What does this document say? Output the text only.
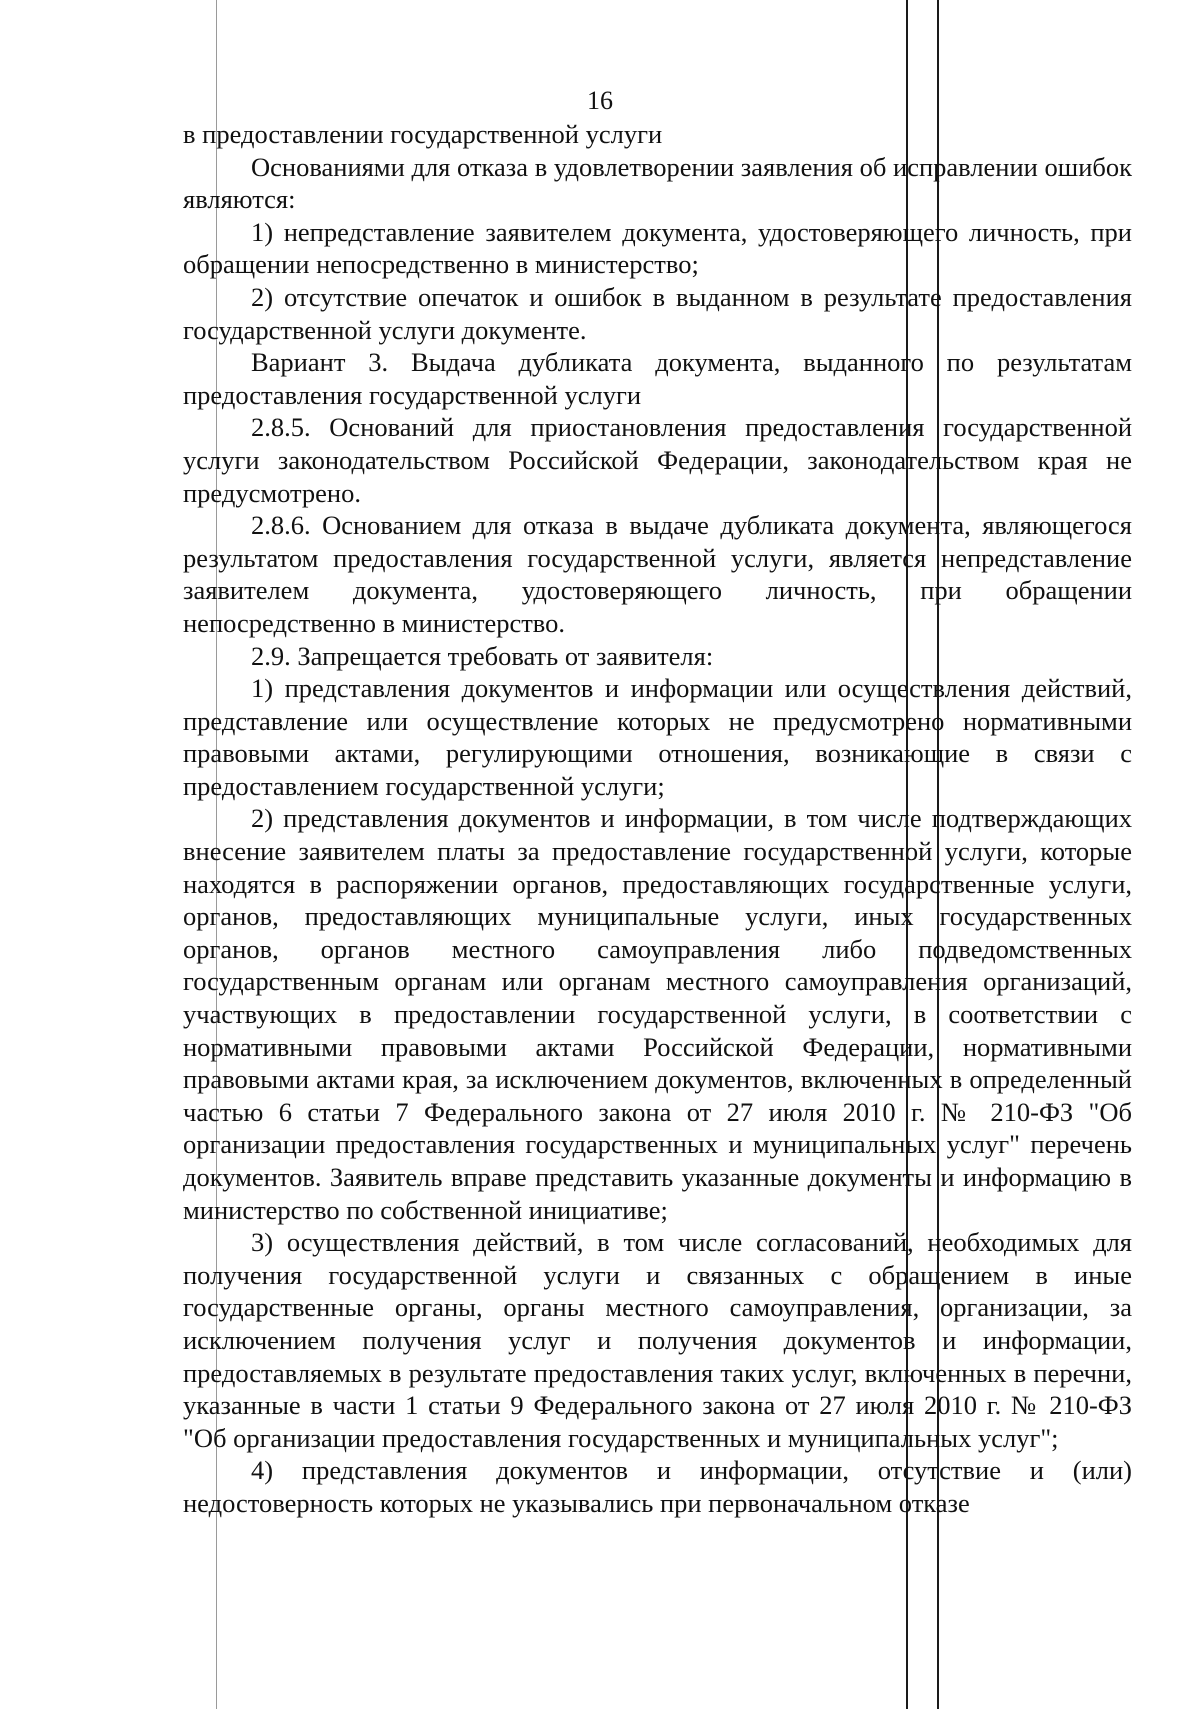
16

в предоставлении государственной услуги

Основаниями для отказа в удовлетворении заявления об исправлении ошибок являются:

1) непредставление заявителем документа, удостоверяющего личность, при обращении непосредственно в министерство;

2) отсутствие опечаток и ошибок в выданном в результате предоставления государственной услуги документе.

Вариант 3. Выдача дубликата документа, выданного по результатам предоставления государственной услуги

2.8.5. Оснований для приостановления предоставления государственной услуги законодательством Российской Федерации, законодательством края не предусмотрено.

2.8.6. Основанием для отказа в выдаче дубликата документа, являющегося результатом предоставления государственной услуги, является непредставление заявителем документа, удостоверяющего личность, при обращении непосредственно в министерство.

2.9. Запрещается требовать от заявителя:

1) представления документов и информации или осуществления действий, представление или осуществление которых не предусмотрено нормативными правовыми актами, регулирующими отношения, возникающие в связи с предоставлением государственной услуги;

2) представления документов и информации, в том числе подтверждающих внесение заявителем платы за предоставление государственной услуги, которые находятся в распоряжении органов, предоставляющих государственные услуги, органов, предоставляющих муниципальные услуги, иных государственных органов, органов местного самоуправления либо подведомственных государственным органам или органам местного самоуправления организаций, участвующих в предоставлении государственной услуги, в соответствии с нормативными правовыми актами Российской Федерации, нормативными правовыми актами края, за исключением документов, включенных в определенный частью 6 статьи 7 Федерального закона от 27 июля 2010 г. № 210-ФЗ "Об организации предоставления государственных и муниципальных услуг" перечень документов. Заявитель вправе представить указанные документы и информацию в министерство по собственной инициативе;

3) осуществления действий, в том числе согласований, необходимых для получения государственной услуги и связанных с обращением в иные государственные органы, органы местного самоуправления, организации, за исключением получения услуг и получения документов и информации, предоставляемых в результате предоставления таких услуг, включенных в перечни, указанные в части 1 статьи 9 Федерального закона от 27 июля 2010 г. № 210-ФЗ "Об организации предоставления государственных и муниципальных услуг";

4) представления документов и информации, отсутствие и (или) недостоверность которых не указывались при первоначальном отказе
